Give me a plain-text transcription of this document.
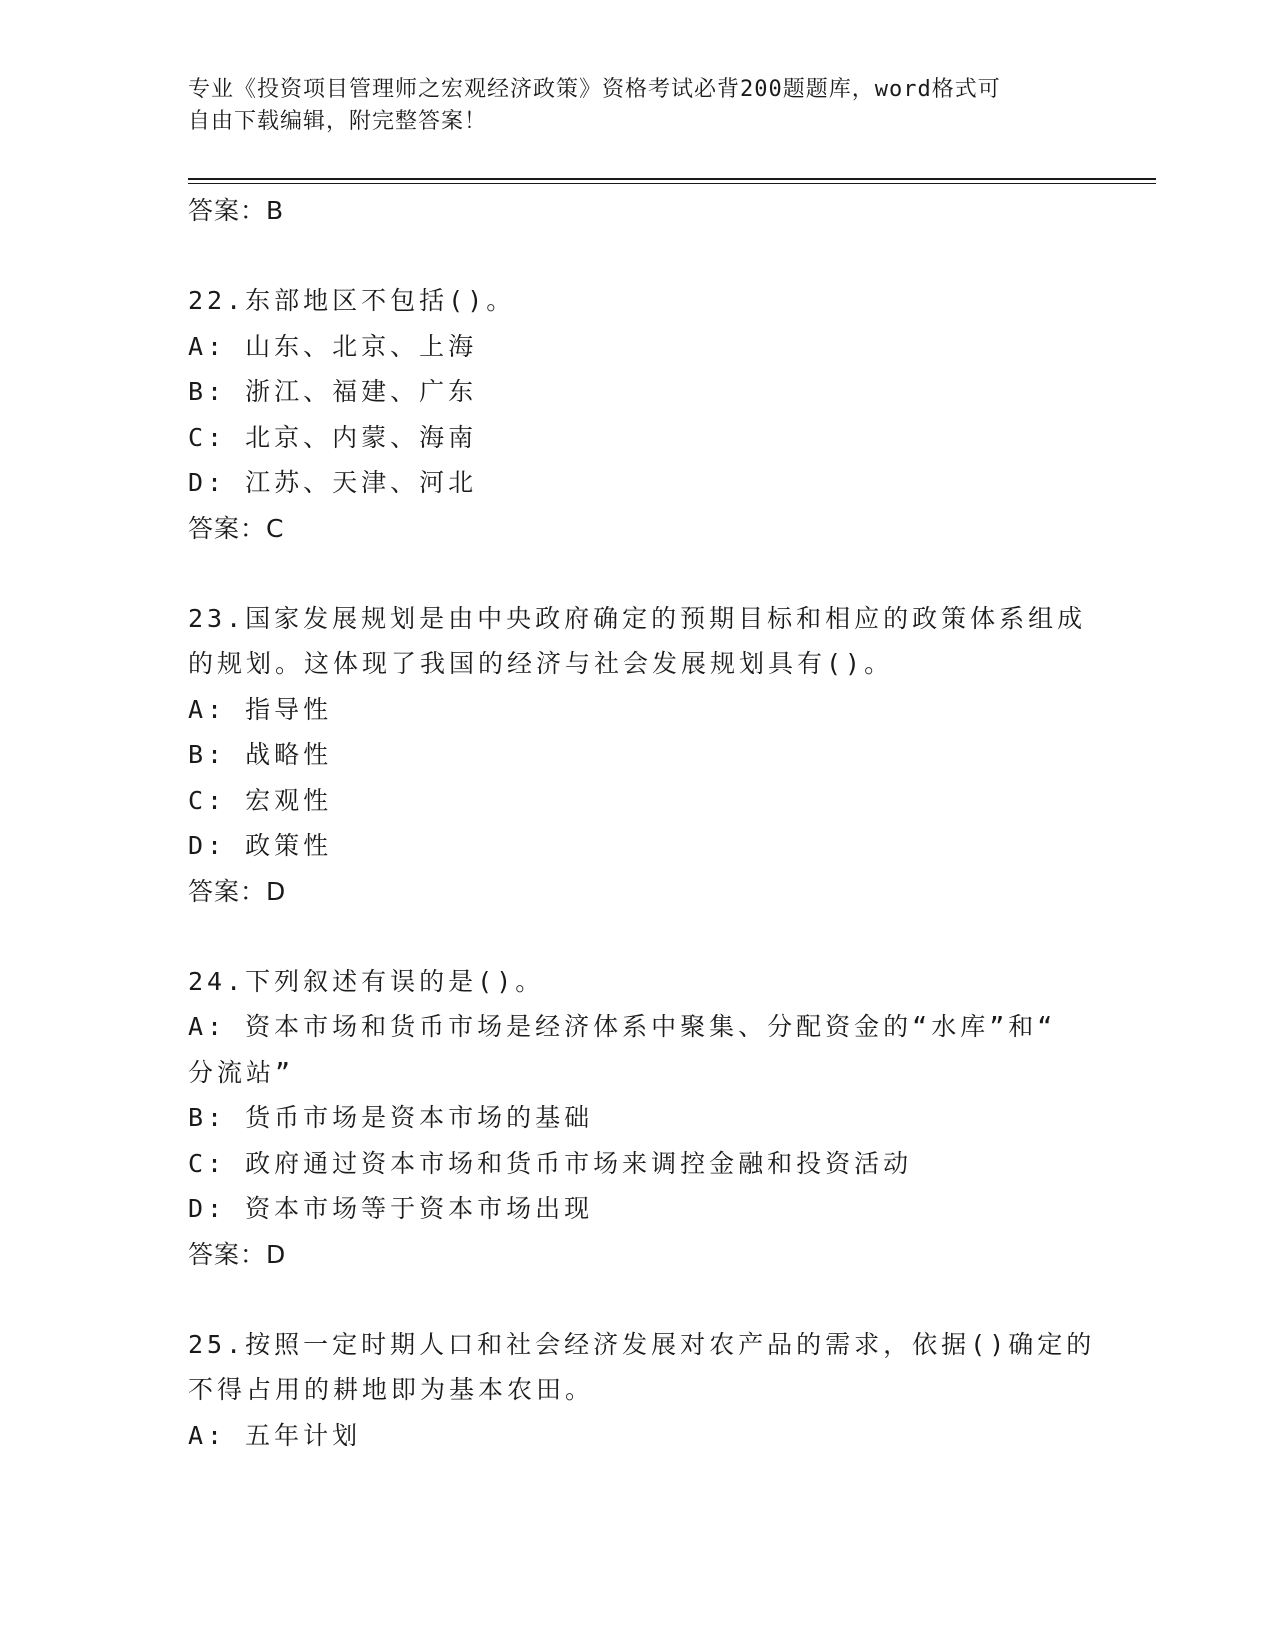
专业《投资项目管理师之宏观经济政策》资格考试必背200题题库，word格式可
自由下载编辑，附完整答案！
答案：B
22.东部地区不包括()。
A: 山东、北京、上海
B: 浙江、福建、广东
C: 北京、内蒙、海南
D: 江苏、天津、河北
答案：C
23.国家发展规划是由中央政府确定的预期目标和相应的政策体系组成
的规划。这体现了我国的经济与社会发展规划具有()。
A: 指导性
B: 战略性
C: 宏观性
D: 政策性
答案：D
24.下列叙述有误的是()。
A: 资本市场和货币市场是经济体系中聚集、分配资金的“水库”和“
分流站”
B: 货币市场是资本市场的基础
C: 政府通过资本市场和货币市场来调控金融和投资活动
D: 资本市场等于资本市场出现
答案：D
25.按照一定时期人口和社会经济发展对农产品的需求，依据()确定的
不得占用的耕地即为基本农田。
A: 五年计划
